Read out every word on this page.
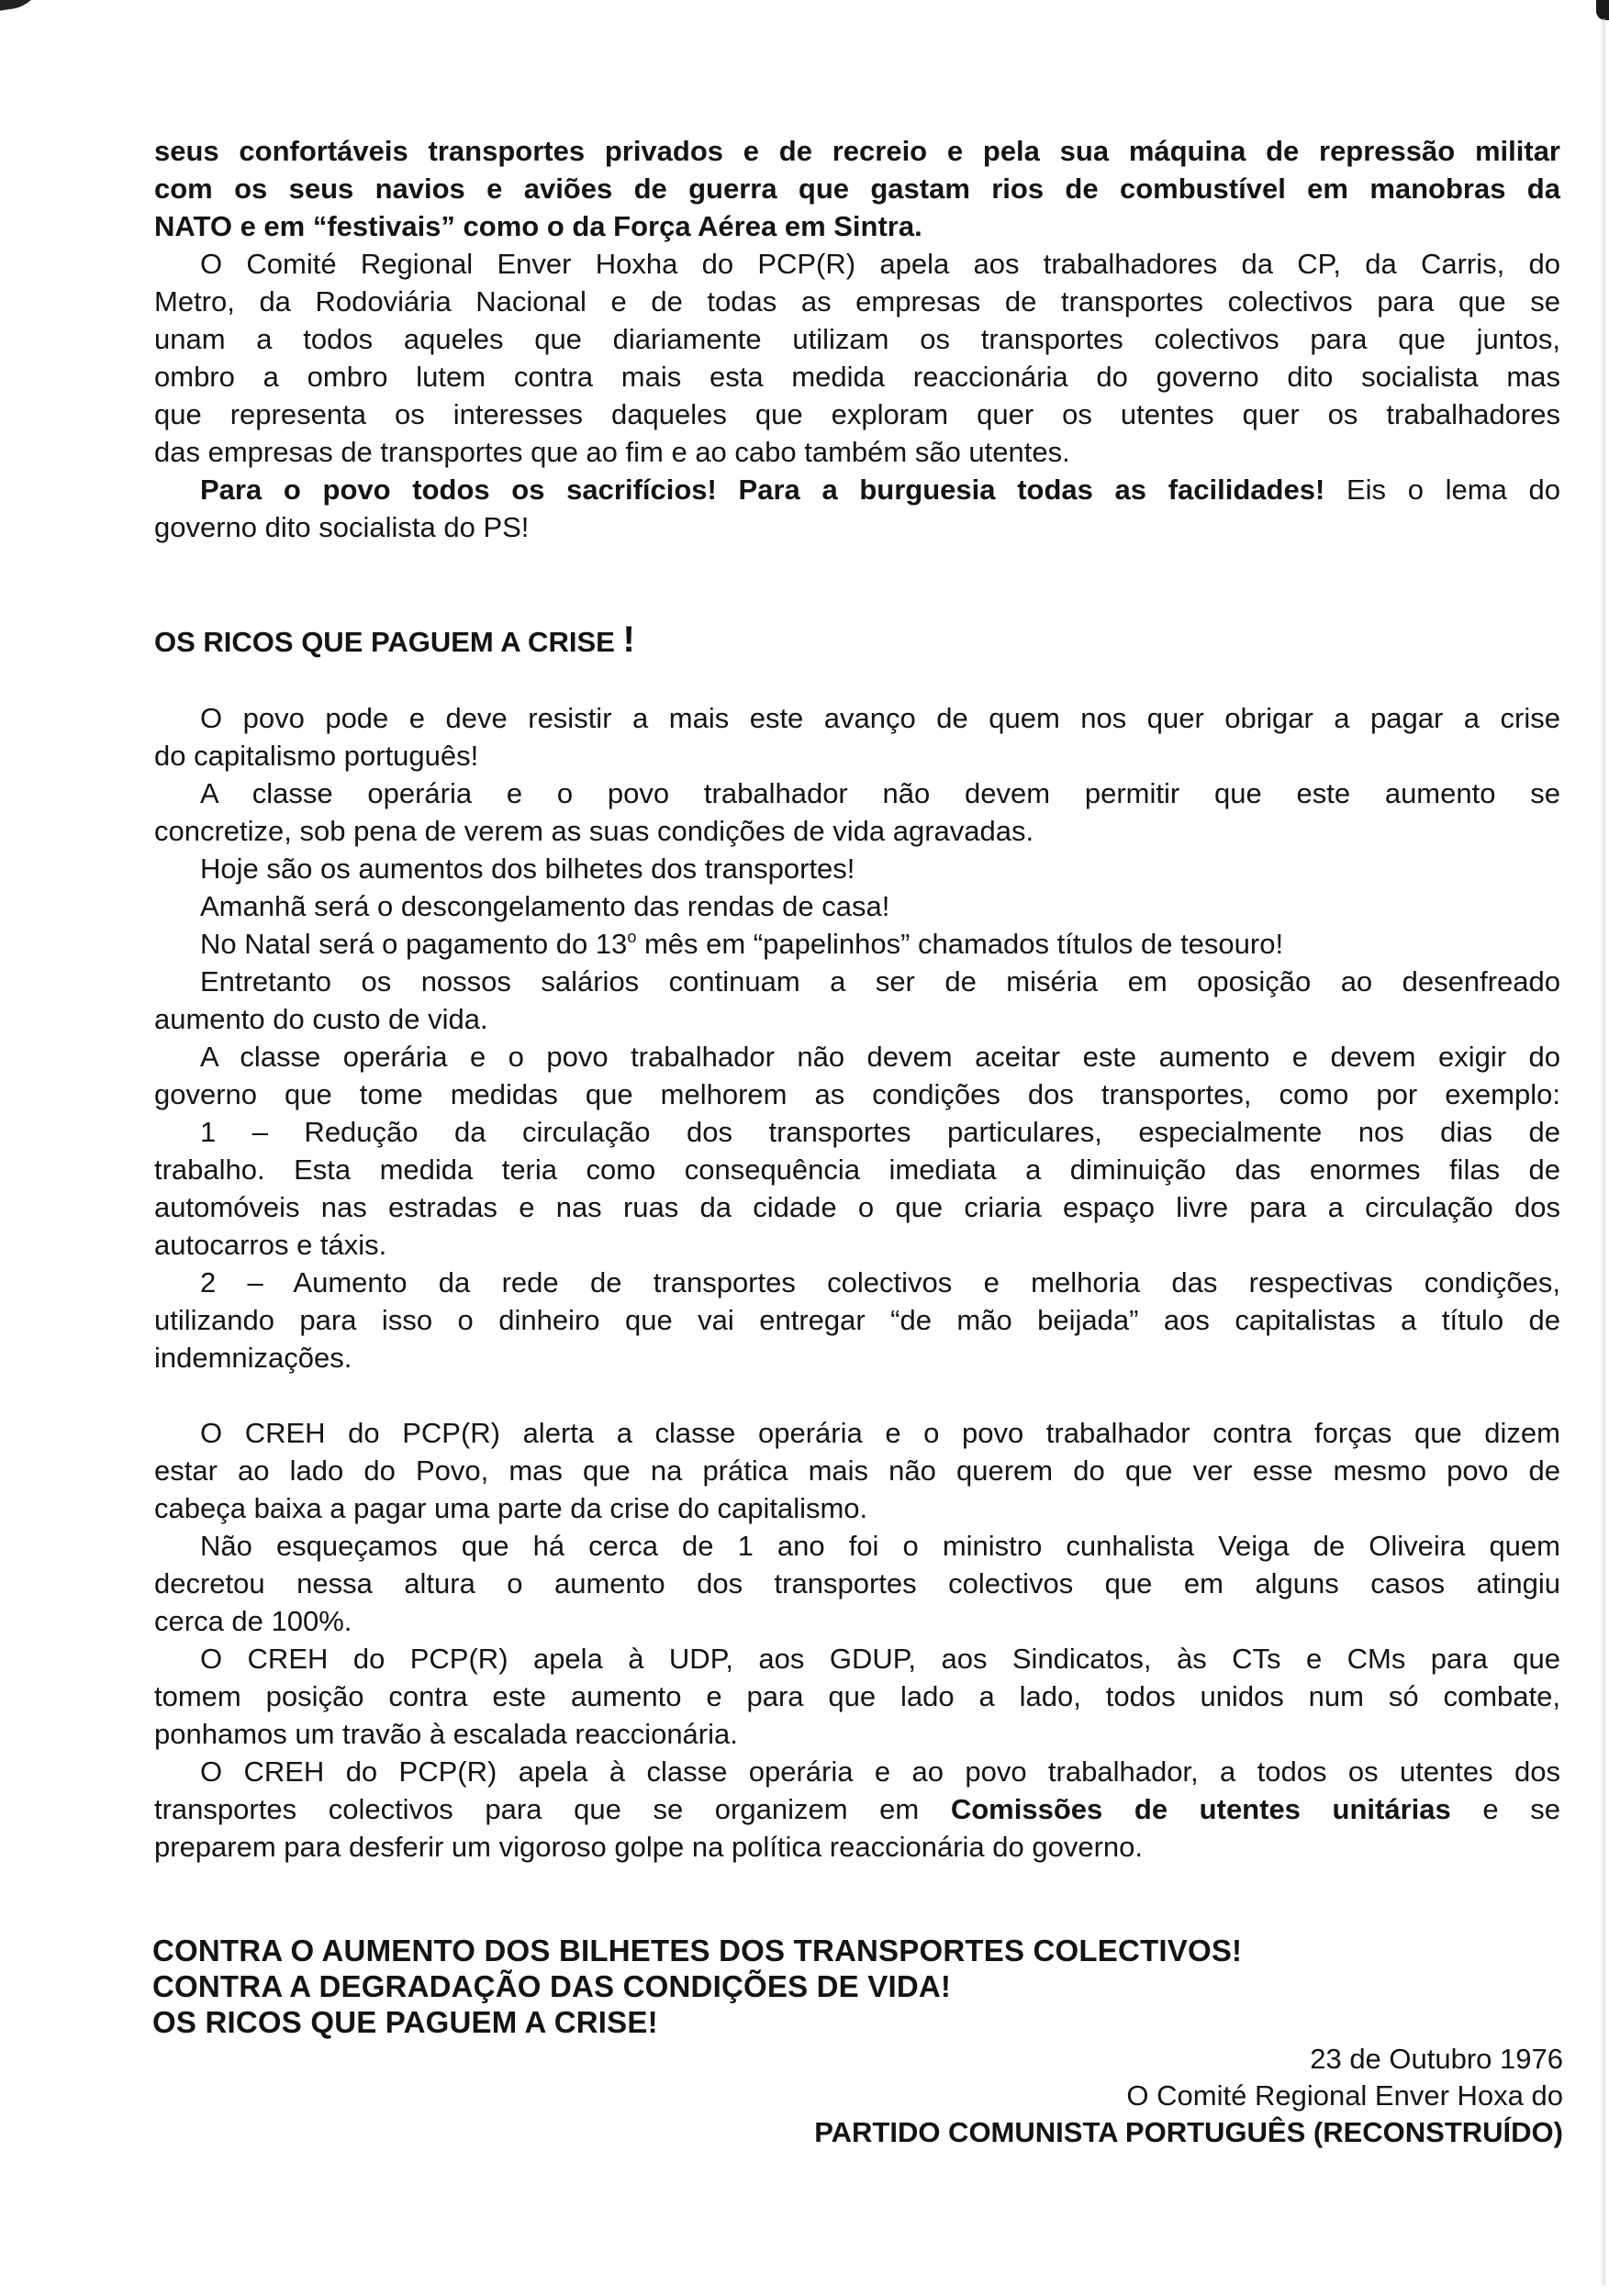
seus confortáveis transportes privados e de recreio e pela sua máquina de repressão militar
com os seus navios e aviões de guerra que gastam rios de combustível em manobras da
NATO e em “festivais” como o da Força Aérea em Sintra.
O Comité Regional Enver Hoxha do PCP(R) apela aos trabalhadores da CP, da Carris, do
Metro, da Rodoviária Nacional e de todas as empresas de transportes colectivos para que se
unam a todos aqueles que diariamente utilizam os transportes colectivos para que juntos,
ombro a ombro lutem contra mais esta medida reaccionária do governo dito socialista mas
que representa os interesses daqueles que exploram quer os utentes quer os trabalhadores
das empresas de transportes que ao fim e ao cabo também são utentes.
Para o povo todos os sacrifícios! Para a burguesia todas as facilidades! Eis o lema do
governo dito socialista do PS!
OS RICOS QUE PAGUEM A CRISE !
O povo pode e deve resistir a mais este avanço de quem nos quer obrigar a pagar a crise
do capitalismo português!
A classe operária e o povo trabalhador não devem permitir que este aumento se
concretize, sob pena de verem as suas condições de vida agravadas.
Hoje são os aumentos dos bilhetes dos transportes!
Amanhã será o descongelamento das rendas de casa!
No Natal será o pagamento do 13$^o$ mês em “papelinhos” chamados títulos de tesouro!
Entretanto os nossos salários continuam a ser de miséria em oposição ao desenfreado
aumento do custo de vida.
A classe operária e o povo trabalhador não devem aceitar este aumento e devem exigir do
governo que tome medidas que melhorem as condições dos transportes, como por exemplo:
1 – Redução da circulação dos transportes particulares, especialmente nos dias de
trabalho. Esta medida teria como consequência imediata a diminuição das enormes filas de
automóveis nas estradas e nas ruas da cidade o que criaria espaço livre para a circulação dos
autocarros e táxis.
2 – Aumento da rede de transportes colectivos e melhoria das respectivas condições,
utilizando para isso o dinheiro que vai entregar “de mão beijada” aos capitalistas a título de
indemnizações.
O CREH do PCP(R) alerta a classe operária e o povo trabalhador contra forças que dizem
estar ao lado do Povo, mas que na prática mais não querem do que ver esse mesmo povo de
cabeça baixa a pagar uma parte da crise do capitalismo.
Não esqueçamos que há cerca de 1 ano foi o ministro cunhalista Veiga de Oliveira quem
decretou nessa altura o aumento dos transportes colectivos que em alguns casos atingiu
cerca de 100%.
O CREH do PCP(R) apela à UDP, aos GDUP, aos Sindicatos, às CTs e CMs para que
tomem posição contra este aumento e para que lado a lado, todos unidos num só combate,
ponhamos um travão à escalada reaccionária.
O CREH do PCP(R) apela à classe operária e ao povo trabalhador, a todos os utentes dos
transportes colectivos para que se organizem em Comissões de utentes unitárias e se
preparem para desferir um vigoroso golpe na política reaccionária do governo.
CONTRA O AUMENTO DOS BILHETES DOS TRANSPORTES COLECTIVOS!
CONTRA A DEGRADAÇÃO DAS CONDIÇÕES DE VIDA!
OS RICOS QUE PAGUEM A CRISE!
23 de Outubro 1976
O Comité Regional Enver Hoxa do
PARTIDO COMUNISTA PORTUGUÊS (RECONSTRUÍDO)
